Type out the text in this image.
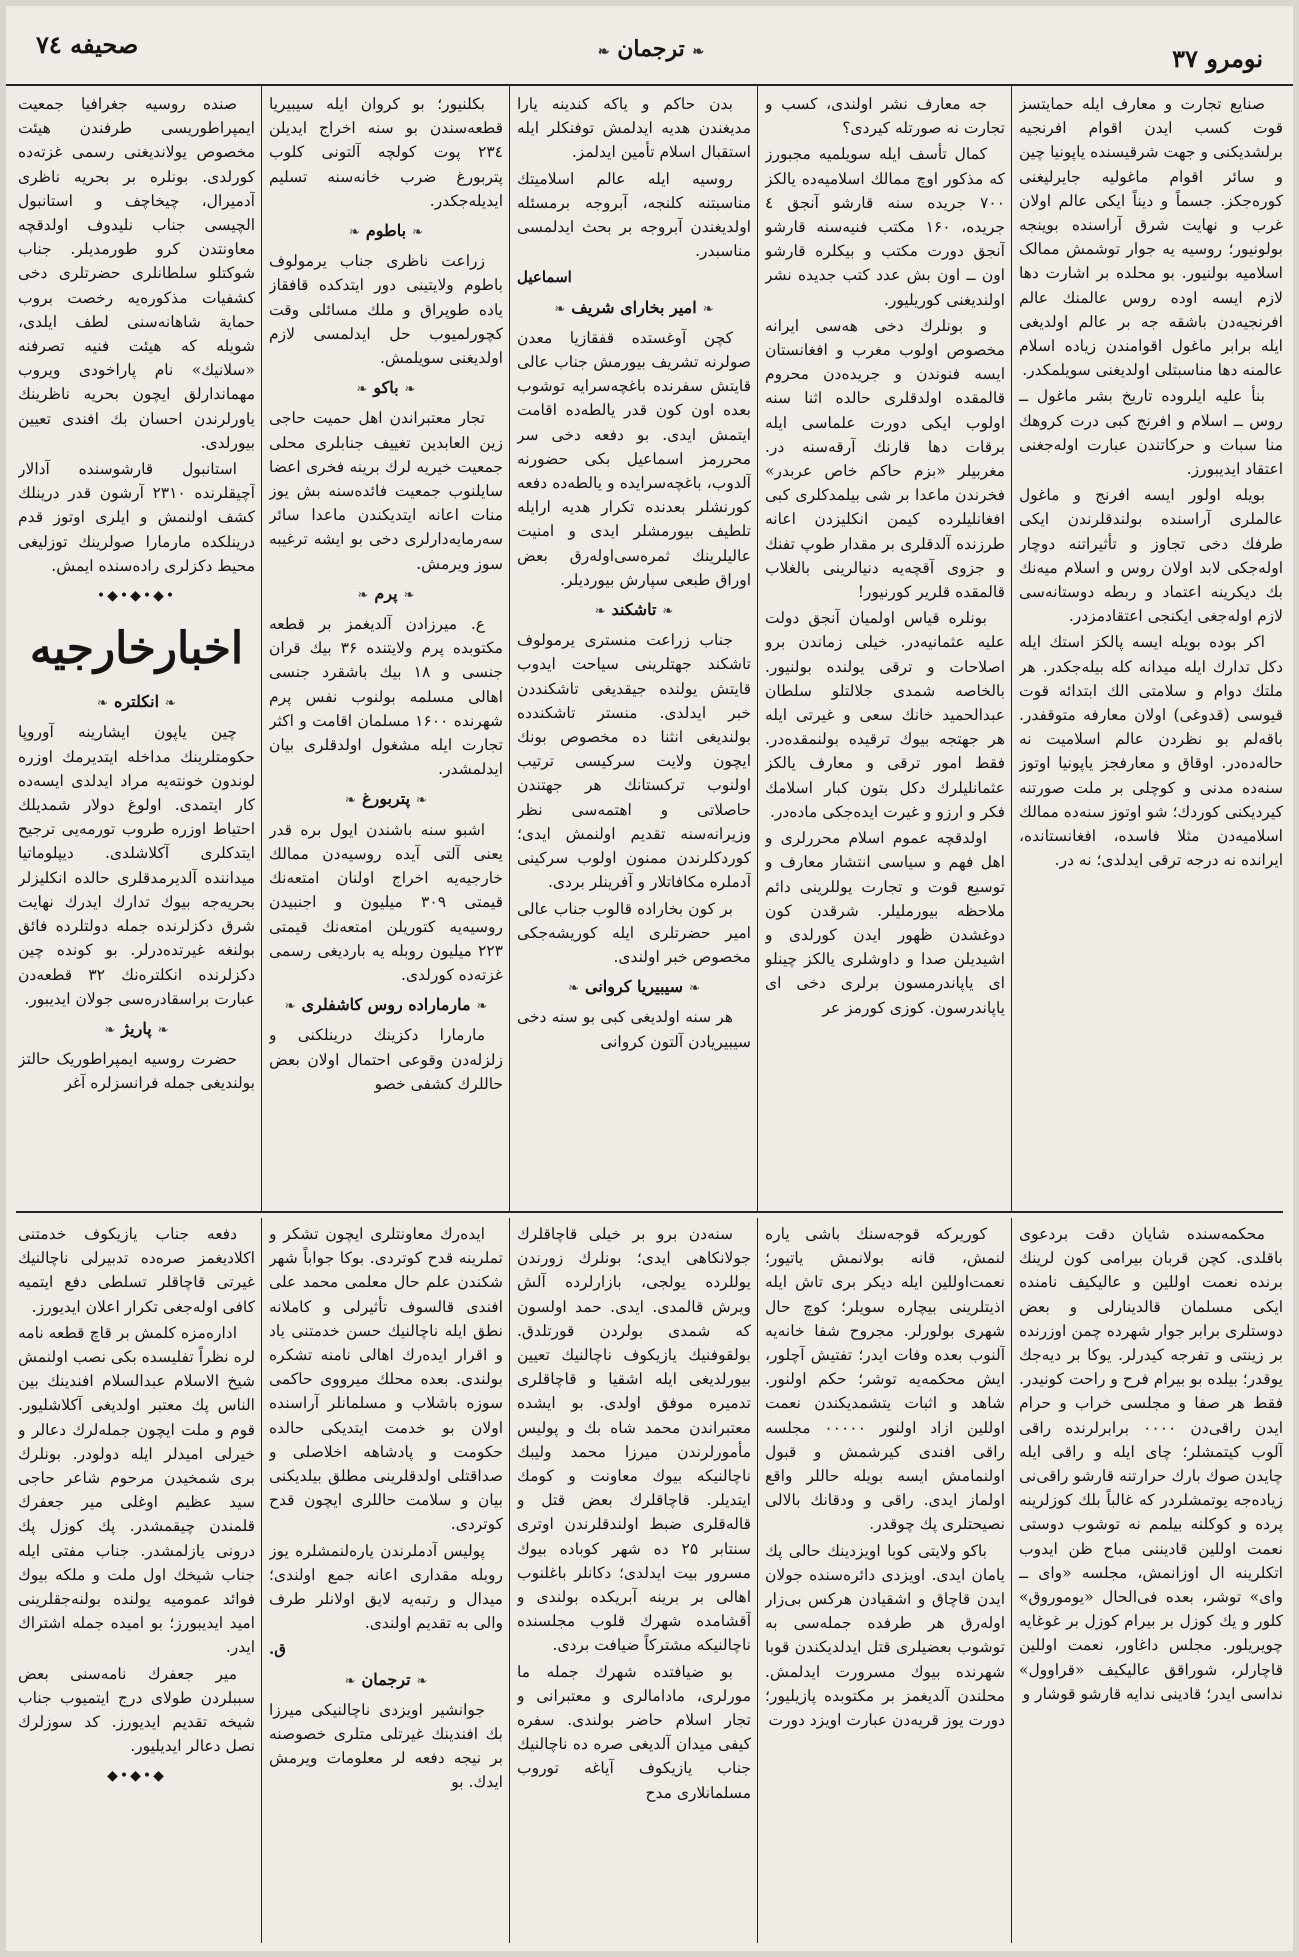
صحیفه ۷٤	❧ ترجمان ❧	نومرو ۳۷

صنایع تجارت و معارف ایله حمایتسز قوت کسب ایدن اقوام افرنجیه برلشدیکنی و جهت شرقیسنده یاپونیا چین و سائر اقوام ماغولیه جایرلیغنی کورەجکز. جسماً و دیناً ایکی عالم اولان غرب و نهایت شرق آراسنده بوینجه بولونیور؛ روسیه یه جوار توشمش ممالک اسلامیه بولنیور. بو محلده بر اشارت دها لازم ایسه اوده روس عالمنك عالم افرنجیه‌دن باشقه جه بر عالم اولدیغی ایله برابر ماغول اقوامندن زیاده اسلام عالمنه دها مناسبتلی اولدیغنی سویلمکدر.

بنأ علیه ایلروده تاریخ بشر ماغول ــ روس ــ اسلام و افرنج کبی درت کروهك منا سبات و حرکاتندن عبارت اولەجغنی اعتقاد ایدیبورز.

بویله اولور ایسه افرنج و ماغول عالملری آراسنده بولندقلرندن ایکی طرفك دخی تجاوز و تأثیراتنه دوچار اولەجکی لابد اولان روس و اسلام میەنك بك دیکرینه اعتماد و ربطه دوستانەسی لازم اولەجغی ایکنجی اعتقادمزدر.

اکر بوده بویله ایسه پالکز استك ایله دکل تدارك ایله میدانه کله بیلەجکدر. هر ملتك دوام و سلامتی الك ابتدائه قوت قیوسی (قدوغی) اولان معارفه متوقفدر. باقەلم بو نظردن عالم اسلامیت نه حالەدەدر. اوقاق و معارفجز یاپونیا اوتوز سنەده مدنی و کوچلی بر ملت صورتنه کیردیکنی کوردك؛ شو اوتوز سنەده ممالك اسلامیەدن مثلا فاسده، افغانستانده، ایرانده نه درجه ترقی ایدلدی؛ نه در.

جه معارف نشر اولندی، کسب و تجارت نه صورتله کیردی؟

کمال تأسف ایله سویلمیه مجبورز که مذکور اوچ ممالك اسلامیه‌ده یالکز ۷۰۰ جریده سنه قارشو آنجق ٤ جریده، ۱۶۰ مکتب فنیه‌سنه قارشو آنجق دورت مکتب و بیکلرە قارشو اون ــ اون بش عدد کتب جدیده نشر اولندیغنی کوریلیور.

و بونلرك دخی هەسی ایرانه مخصوص اولوب مغرب و افغانستان ایسه فنوندن و جریدەدن محروم قالمقده اولدقلری حالده اثنا سنه اولوب ایکی دورت علماسی ایله برقات دها قارنك آرقەسنه در. مغربیلر «بزم حاکم خاص عربدر» فخرندن ماعدا بر شی بیلمدکلری کبی افغانلیلرده کیمن انکلیزدن اعانه طرزنده آلدقلری بر مقدار طوپ تفنك و جزوی آقچه‌یه دنیالرینی بالغلاب قالمقده قلریر کورنیور!

بونلره قیاس اولمیان آنجق دولت علیه عثمانیه‌در. خیلی زماندن برو اصلاحات و ترقی یولنده بولنیور. بالخاصه شمدی جلالتلو سلطان عبدالحمید خانك سعی و غیرتی ایله هر جهتجه بیوك ترقیده بولنمقده‌در. فقط امور ترقی و معارف یالکز عثمانلیلرك دکل بتون کبار اسلامك فکر و ارزو و غیرت ایدەجکی ماده‌در.

اولدقچه عموم اسلام محررلری و اهل فهم و سیاسی انتشار معارف و توسیع قوت و تجارت یوللرینی دائم ملاحظه بیورملیلر. شرقدن کون دوغشدن ظهور ایدن کورلدی و اشیدیلن صدا و داوشلری یالکز چینلو ای یاپاندرمسون برلری دخی ای یاپاندرسون. کوزی کورمز عر

بدن حاکم و یاکه کندینه یارا مدیغندن هدیه ایدلمش توفنکلر ایله استقبال اسلام تأمین ایدلمز.

روسیه ایله عالم اسلامیتك مناسبتنه کلنجه، آبروجه برمسئله اولدیغندن آبروجه بر بحث ایدلمسی مناسبدر.

اسماعیل
❧امیر بخارای شریف❧

کچن آوغستده قفقازیا معدن صولرنه تشریف بیورمش جناب عالی قایتش سفرنده باغچەسرایه توشوب بعده اون کون قدر یالطەده اقامت ایتمش ایدی. بو دفعه دخی سر محررمز اسماعیل بکی حضورنه آلدوب، باغچەسرایده و یالطەده دفعه کورنشلر بعدنده تکرار هدیه ارایله تلطیف بیورمشلر ایدی و امنیت عالیلرینك ثمرەسی‌اولەرق بعض اوراق طبعی سپارش بیوردیلر.

❧تاشکند❧

جناب زراعت منستری یرمولوف تاشکند جهتلرینی سیاحت ایدوب قایتش یولنده جیقدیغی تاشکنددن خبر ایدلدی. منستر تاشکندده بولندیغی انثنا ده مخصوص بونك ایچون ولایت سرکیسی ترتیب اولنوب ترکستانك هر جهتندن حاصلاتی و اهتمەسی نظر وزیرانەسنه تقدیم اولنمش ایدی؛ کوردکلرندن ممنون اولوب سرکینی آدملره مکافاتلار و آفرینلر بردی.

بر کون بخارادە قالوب جناب عالی امیر حضرتلری ایله کوریشەجکی مخصوص خبر اولندی.

❧سیبیریا کروانی❧

هر سنه اولدیغی کبی بو سنه دخی سیبیریادن آلتون کروانی

بکلنیور؛ بو کروان ایله سیبیریا قطعەسندن بو سنه اخراج ایدیلن ۲۳٤ پوت کولچه آلتونی کلوب پتربورغ ضرب خانەسنه تسلیم ایدیلەجکدر.

❧باطوم❧

زراعت ناظری جناب یرمولوف باطوم ولایتینی دور ایتدکده قافقاز یاده طوپراق و ملك مسائلی وقت کچورلمیوب حل ایدلمسی لازم اولدیغنی سویلمش.

❧باکو❧

تجار معتبراندن اهل حمیت حاجی زین العابدین تغییف جنابلری محلی جمعیت خیریه لرك برینه فخری اعضا سایلنوب جمعیت فائدەسنه بش یوز منات اعانه ایتدیکندن ماعدا سائر سەرمایه‌دارلری دخی بو ایشه ترغیبه سوز ویرمش.

❧پرم❧

ع. میرزادن آلدیغمز بر قطعه مکتوبده پرم ولایتنده ۳۶ بیك قران جنسی و ۱۸ بیك باشقرد جنسی اهالی مسلمه بولنوب نفس پرم شهرنده ۱۶۰۰ مسلمان اقامت و اکثر تجارت ایله مشغول اولدقلری بیان ایدلمشدر.

❧پتربورغ❧

اشبو سنه باشندن ایول بره قدر یعنی آلتی آیده روسیەدن ممالك خارجیەیه اخراج اولنان امتعەنك قیمتی ۳۰۹ میلیون و اجنبیدن روسیەیه کتوریلن امتعەنك قیمتی ۲۲۳ میلیون روبله یه باردیغی رسمی غزتەده کورلدی.

❧مارمارادە روس کاشفلری❧

مارمارا دکزینك درینلکنی و زلزلەدن وقوعی احتمال اولان بعض حاللرك کشفی خصو

صنده روسیه جغرافیا جمعیت ایمپراطوریسی طرفندن هیئت مخصوص یولاندیغنی رسمی غزتەده کورلدی. بونلره بر بحریه ناظری آدمیرال، چیخاچف و استانبول الچیسی جناب نلیدوف اولدقچه معاونتدن کرو طورمدیلر. جناب شوکتلو سلطانلری حضرتلری دخی کشفیات مذکوره‌یه رخصت بروب حمایة شاهانەسنی لطف ایلدی، شویله که هیئت فنیه تصرفنه «سلانیك» نام پاراخودی ویروب مهماندارلق ایچون بحریه ناظرینك یاورلرندن احسان بك افندی تعیین بیورلدی.

استانبول قارشوسنده آدالار آچیقلرنده ۲۳۱۰ آرشون قدر درینلك کشف اولنمش و ایلری اوتوز قدم درینلکده مارمارا صولرینك توزلیغی محیط دکزلری رادەسنده ایمش.

•◆•◆•◆•
اخبارخارجیه
❧انکلتره❧

چین یاپون ایشارینه آوروپا حکومتلرینك مداخله ایتدیرمك اوزره لوندون خونته‌یه مراد ایدلدی ایسه‌ده کار ایتمدی. اولوغ دولار شمدیلك احتیاط اوزره طروب تورمەیی ترجیح ایتدکلری آکلاشلدی. دیپلوماتیا میداننده آلدیرمدقلری حالده انکلیزلر بحریه‌جه بیوك تدارك ایدرك نهایت شرق دکزلرنده جمله دولتلرده فائق بولنغه غیرتدەدرلر. بو کونده چین دکزلرنده انکلترەنك ۳۲ قطعەدن عبارت براسقادرەسی جولان ایدیبور.

❧پاریژ❧

حضرت روسیه ایمپراطوریک حالتز بولندیغی جمله فرانسزلره آغر

محکمەسنده شایان دقت بردعوی باقلدی. کچن قربان بیرامی کون لرینك برنده نعمت اوللین و عالیکیف نامنده ایکی مسلمان قالدینارلی و بعض دوستلری برابر جوار شهرده چمن اوزرنده بر زینتی و تفرجه کیدرلر. یوکا بر دیەجك یوقدر؛ بیلدە بو بیرام فرح و راحت کونیدر. فقط هر صفا و مجلسی خراب و حرام ایدن راقی‌دن ۰۰۰۰ برابرلرنده راقی آلوب کیتمشلر؛ چای ایله و راقی ایله چایدن صوك بارك حرارتنه قارشو راقی‌نی زیاده‌جه یوتمشلردر که غالباً بلك کوزلرینه پرده و کوکلنه بیلمم نه توشوب دوستی نعمت اوللین قادیننی مباح ظن ایدوب اتکلرینه ال اوزانمش، مجلسه «وای ــ وای» توشر، بعده فی‌الحال «یوموروق» کلور و یك کوزل بر بیرام کوزل بر غوغایه چویریلور. مجلس داغاور، نعمت اوللین قاچارلر، شوراقق عالیکیف «قراوول» نداسی ایدر؛ قادینی ندایه قارشو قوشار و

کوریرکه قوجەسنك باشی یاره لنمش، قانه بولانمش یاتیور؛ نعمت‌اوللین ایله دیکر بری تاش ایله اذیتلرینی بیچاره سویلر؛ کوچ حال شهری بولورلر. مجروح شفا خانەیه آلنوب بعده وفات ایدر؛ تفتیش آچلور، ایش محکمەیه توشر؛ حکم اولنور. شاهد و اثبات یتشمدیکندن نعمت اوللین ازاد اولنور ۰۰۰۰۰ مجلسه راقی افندی کیرشمش و قبول اولنمامش ایسه بویله حاللر واقع اولماز ایدی. راقی و ودقانك بالالی نصیحتلری پك چوقدر.

باکو ولایتی کوبا اویزدینك حالی پك یامان ایدی. اویزدی دائرەسنده جولان ایدن قاچاق و اشقیادن هرکس بی‌زار اولەرق هر طرفده جملەسی به توشوب بعضیلری قتل ایدلدیکندن قوبا شهرنده بیوك مسرورت ایدلمش. محلندن آلدیغمز بر مکتوبده پازیلیور؛ دورت یوز قریەدن عبارت اویزد دورت

سنەدن برو بر خیلی قاچاقلرك جولانکاهی ایدی؛ بونلرك زورندن یوللرده یولجی، بازارلرده آلش ویرش قالمدی. ایدی. حمد اولسون که شمدی بولردن قورتلدق. بولقوفنیك یازیکوف ناچالنیك تعیین بیورلدیغی ایله اشقیا و قاچاقلری تدمیره موفق اولدی. بو ایشده معتبراندن محمد شاه بك و پولیس مأمورلرندن میرزا محمد ولیبك ناچالنیکه بیوك معاونت و کومك ایتدیلر. قاچاقلرك بعض قتل و قالەقلری ضبط اولندقلرندن اوتری سنتابر ۲۵ ده شهر کوباده بیوك مسرور بیت ایدلدی؛ دکانلر باغلنوب اهالی بر برینه آبریکده بولندی و آقشامده شهرك قلوب مجلسنده ناچالنیکه مشترکاً ضیافت بردی.

بو ضیافتده شهرك جمله ما مورلری، مادامالری و معتبرانی و تجار اسلام حاضر بولندی. سفره کیفی میدان آلدیغی صره ده ناچالنیك جناب یازیکوف آیاغه توروب مسلمانلاری مدح

ایدەرك معاونتلری ایچون تشکر و تملرینه قدح کوتردی. بوکا جواباً شهر شکندن علم حال معلمی محمد علی افندی قالسوف تأثیرلی و کاملانه نطق ایله ناچالنیك حسن خدمتنی یاد و اقرار ایدەرك اهالی نامنه تشکره بولندی. بعده محلك میرووی حاکمی سوزه باشلاب و مسلمانلر آراسنده اولان بو خدمت ایتدیکی حالده حکومت و پادشاهه اخلاصلی و صداقتلی اولدقلرینی مطلق بیلدیکنی بیان و سلامت حاللری ایچون قدح کوتردی.

پولیس آدملرندن یاره‌لنمشلره یوز روبله مقداری اعانه جمع اولندی؛ میدال و رتبه‌یه لایق اولانلر طرف والی به تقدیم اولندی.

ق.
❧ترجمان❧

جوانشیر اویزدی ناچالنیکی میرزا بك افندینك غیرتلی متلری خصوصنه بر نیجه دفعه لر معلومات ویرمش ایدك. بو

دفعه جناب یازیکوف خدمتنی اکلادیغمز صره‌ده تدبیرلی ناچالنیك غیرتی قاچاقلر تسلطی دفع ایتمیه کافی اولەجغی تکرار اعلان ایدیورز.

اداره‌مزه کلمش بر قاچ قطعه نامه لره نظراً تفلیسده بکی نصب اولنمش شیخ الاسلام عبدالسلام افندینك بین الناس پك معتبر اولدیغی آکلاشلیور. قوم و ملت ایچون جمله‌لرك دعالر و خیرلی امیدلر ایله دولودر. بونلرك بری شمخیدن مرحوم شاعر حاجی سید عظیم اوغلی میر جعفرك قلمندن چیقمشدر. پك کوزل پك درونی یازلمشدر. جناب مفتی ایله جناب شیخك اول ملت و ملکه بیوك فوائد عمومیه یولنده بولنه‌جقلرینی امید ایدیبورز؛ بو امیده جمله اشتراك ایدر.

میر جعفرك نامەسنی بعض سببلردن طولای درج ایتمیوب جناب شیخه تقدیم ایدیورز. کد سوزلرك نصل دعالر ایدیلیور.

◆•◆•◆
